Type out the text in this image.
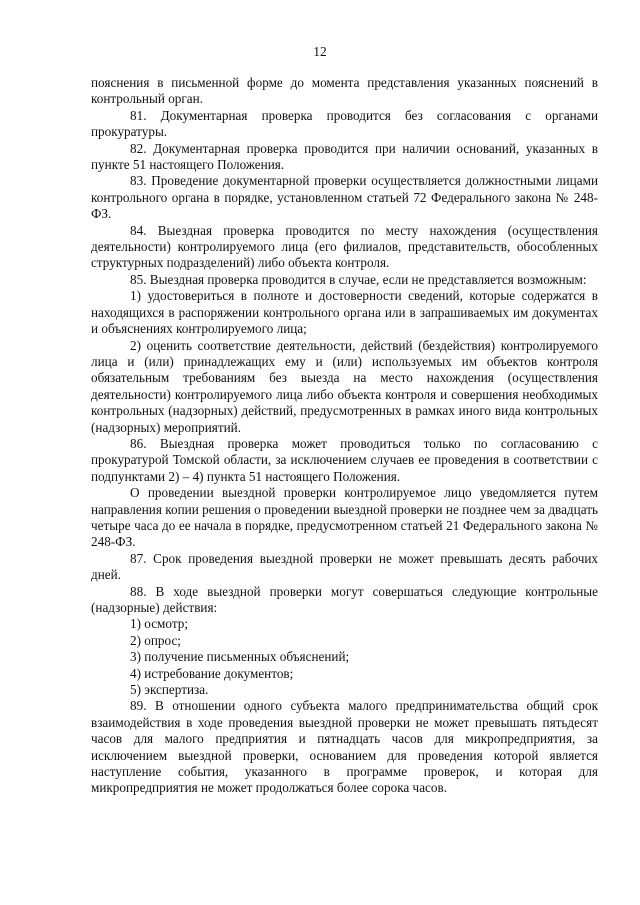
12

пояснения в письменной форме до момента представления указанных пояснений в контрольный орган.

81. Документарная проверка проводится без согласования с органами прокуратуры.

82. Документарная проверка проводится при наличии оснований, указанных в пункте 51 настоящего Положения.

83. Проведение документарной проверки осуществляется должностными лицами контрольного органа в порядке, установленном статьей 72 Федерального закона № 248-ФЗ.

84. Выездная проверка проводится по месту нахождения (осуществления деятельности) контролируемого лица (его филиалов, представительств, обособленных структурных подразделений) либо объекта контроля.

85. Выездная проверка проводится в случае, если не представляется возможным:

1) удостовериться в полноте и достоверности сведений, которые содержатся в находящихся в распоряжении контрольного органа или в запрашиваемых им документах и объяснениях контролируемого лица;

2) оценить соответствие деятельности, действий (бездействия) контролируемого лица и (или) принадлежащих ему и (или) используемых им объектов контроля обязательным требованиям без выезда на место нахождения (осуществления деятельности) контролируемого лица либо объекта контроля и совершения необходимых контрольных (надзорных) действий, предусмотренных в рамках иного вида контрольных (надзорных) мероприятий.

86. Выездная проверка может проводиться только по согласованию с прокуратурой Томской области, за исключением случаев ее проведения в соответствии с подпунктами 2) – 4) пункта 51 настоящего Положения.

О проведении выездной проверки контролируемое лицо уведомляется путем направления копии решения о проведении выездной проверки не позднее чем за двадцать четыре часа до ее начала в порядке, предусмотренном статьей 21 Федерального закона № 248-ФЗ.

87. Срок проведения выездной проверки не может превышать десять рабочих дней.

88. В ходе выездной проверки могут совершаться следующие контрольные (надзорные) действия:

1) осмотр;

2) опрос;

3) получение письменных объяснений;

4) истребование документов;

5) экспертиза.

89. В отношении одного субъекта малого предпринимательства общий срок взаимодействия в ходе проведения выездной проверки не может превышать пятьдесят часов для малого предприятия и пятнадцать часов для микропредприятия, за исключением выездной проверки, основанием для проведения которой является наступление события, указанного в программе проверок, и которая для микропредприятия не может продолжаться более сорока часов.
